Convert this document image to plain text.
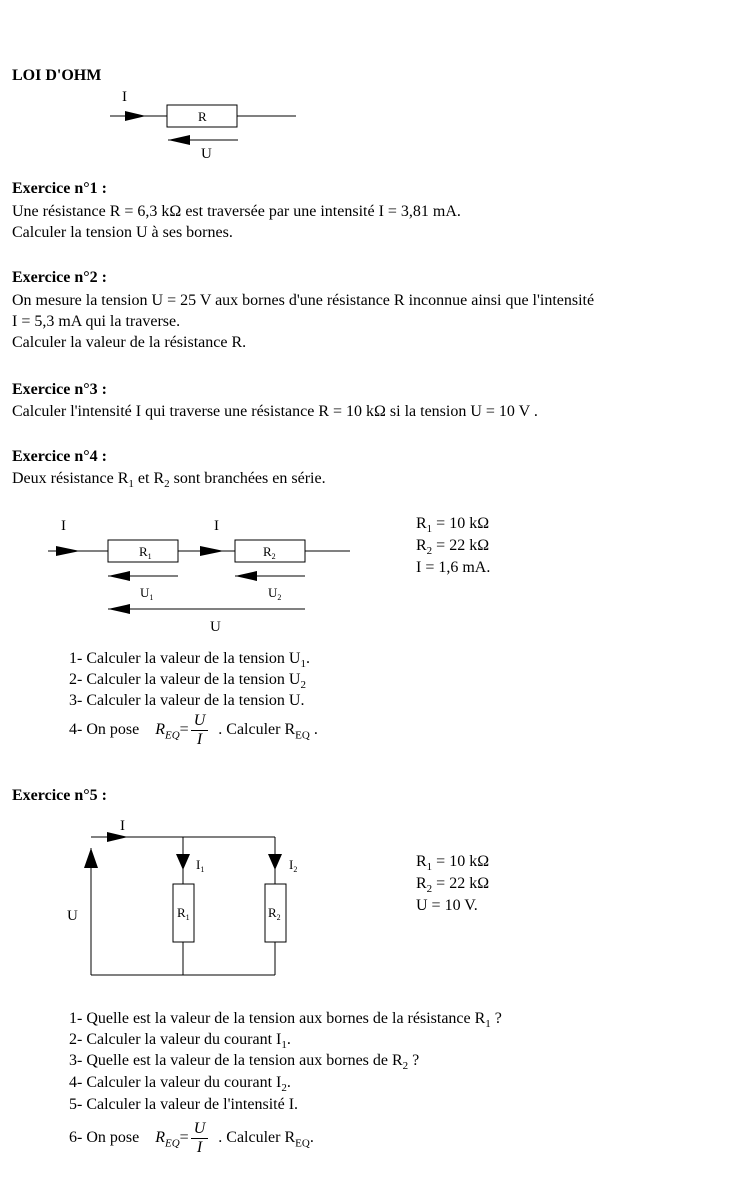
LOI D'OHM
I
R
U
Exercice n°1 :
Une résistance R = 6,3 kΩ est traversée par une intensité I = 3,81 mA.
Calculer la tension U à ses bornes.
Exercice n°2 :
On mesure la tension U = 25 V aux bornes d'une résistance R inconnue ainsi que l'intensité
I = 5,3 mA qui la traverse.
Calculer la valeur de la résistance R.
Exercice n°3 :
Calculer l'intensité I qui traverse une résistance R = 10 kΩ si la tension U = 10 V .
Exercice n°4 :
Deux résistance $R_1$ et $R_2$ sont branchées en série.
I	I
$R_1$	$R_2$
$U_1$	$U_2$
U
$R_1 = 10$ kΩ
$R_2 = 22$ kΩ
I = 1,6 mA.
1- Calculer la valeur de la tension $U_1$.
2- Calculer la valeur de la tension $U_2$
3- Calculer la valeur de la tension U.
4- On pose $R_{EQ}= \frac{U}{I}$ . Calculer $R_{EQ}$ .
Exercice n°5 :
I
U
$I_1$
$R_1$
$I_2$
$R_2$
$R_1 = 10$ kΩ
$R_2 = 22$ kΩ
U = 10 V.
1- Quelle est la valeur de la tension aux bornes de la résistance $R_1$ ?
2- Calculer la valeur du courant $I_1$.
3- Quelle est la valeur de la tension aux bornes de $R_2$ ?
4- Calculer la valeur du courant $I_2$.
5- Calculer la valeur de l'intensité I.
6- On pose $R_{EQ}= \frac{U}{I}$ . Calculer $R_{EQ}$.
